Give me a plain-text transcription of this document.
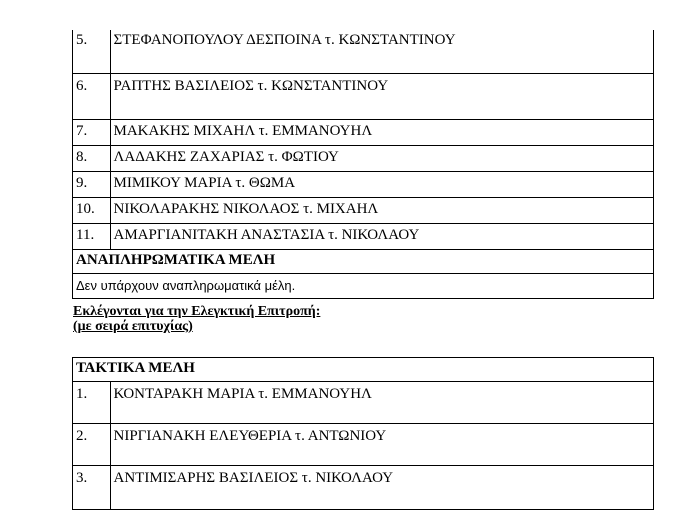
5.	ΣΤΕΦΑΝΟΠΟΥΛΟΥ ΔΕΣΠΟΙΝΑ τ. ΚΩΝΣΤΑΝΤΙΝΟΥ
6.	ΡΑΠΤΗΣ ΒΑΣΙΛΕΙΟΣ τ. ΚΩΝΣΤΑΝΤΙΝΟΥ
7.	ΜΑΚΑΚΗΣ ΜΙΧΑΗΛ τ. ΕΜΜΑΝΟΥΗΛ
8.	ΛΑΔΑΚΗΣ ΖΑΧΑΡΙΑΣ τ. ΦΩΤΙΟΥ
9.	ΜΙΜΙΚΟΥ ΜΑΡΙΑ τ. ΘΩΜΑ
10.	ΝΙΚΟΛΑΡΑΚΗΣ ΝΙΚΟΛΑΟΣ τ. ΜΙΧΑΗΛ
11.	ΑΜΑΡΓΙΑΝΙΤΑΚΗ ΑΝΑΣΤΑΣΙΑ τ. ΝΙΚΟΛΑΟΥ
ΑΝΑΠΛΗΡΩΜΑΤΙΚΑ ΜΕΛΗ	
Δεν υπάρχουν αναπληρωματικά μέλη.	
Εκλέγονται για την Ελεγκτική Επιτροπή:
(με σειρά επιτυχίας)
ΤΑΚΤΙΚΑ ΜΕΛΗ	
1.	ΚΟΝΤΑΡΑΚΗ ΜΑΡΙΑ τ. ΕΜΜΑΝΟΥΗΛ
2.	ΝΙΡΓΙΑΝΑΚΗ ΕΛΕΥΘΕΡΙΑ τ. ΑΝΤΩΝΙΟΥ
3.	ΑΝΤΙΜΙΣΑΡΗΣ ΒΑΣΙΛΕΙΟΣ τ. ΝΙΚΟΛΑΟΥ
